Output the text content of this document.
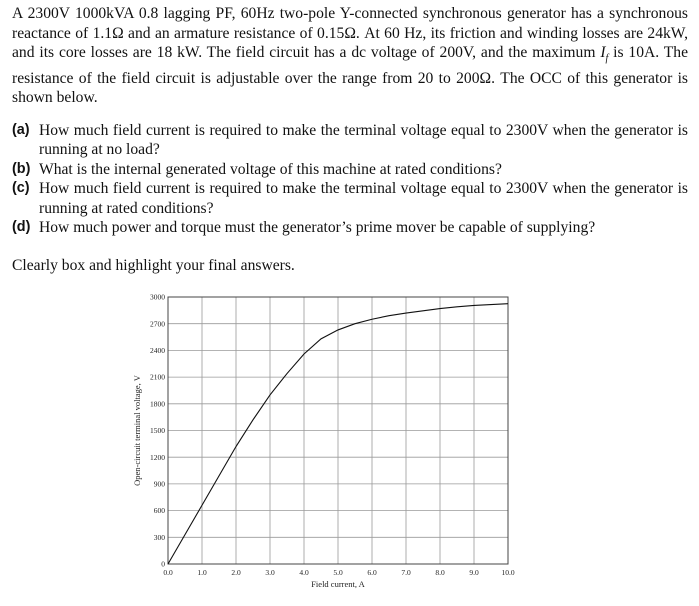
A 2300V 1000kVA 0.8 lagging PF, 60Hz two-pole Y-connected synchronous generator has a synchronous reactance of 1.1Ω and an armature resistance of 0.15Ω. At 60 Hz, its friction and winding losses are 24kW, and its core losses are 18 kW. The field circuit has a dc voltage of 200V, and the maximum $I_f$ is 10A. The resistance of the field circuit is adjustable over the range from 20 to 200Ω. The OCC of this generator is shown below.
(a) How much field current is required to make the terminal voltage equal to 2300V when the generator is running at no load?
(b) What is the internal generated voltage of this machine at rated conditions?
(c) How much field current is required to make the terminal voltage equal to 2300V when the generator is running at rated conditions?
(d) How much power and torque must the generator’s prime mover be capable of supplying?
Clearly box and highlight your final answers.
0.0	1.0	2.0	3.0	4.0	5.0	6.0	7.0	8.0	9.0	10.0
0
300
600
900
1200
1500
1800
2100
2400
2700
3000
Field current, A
Open-circuit terminal voltage, V
